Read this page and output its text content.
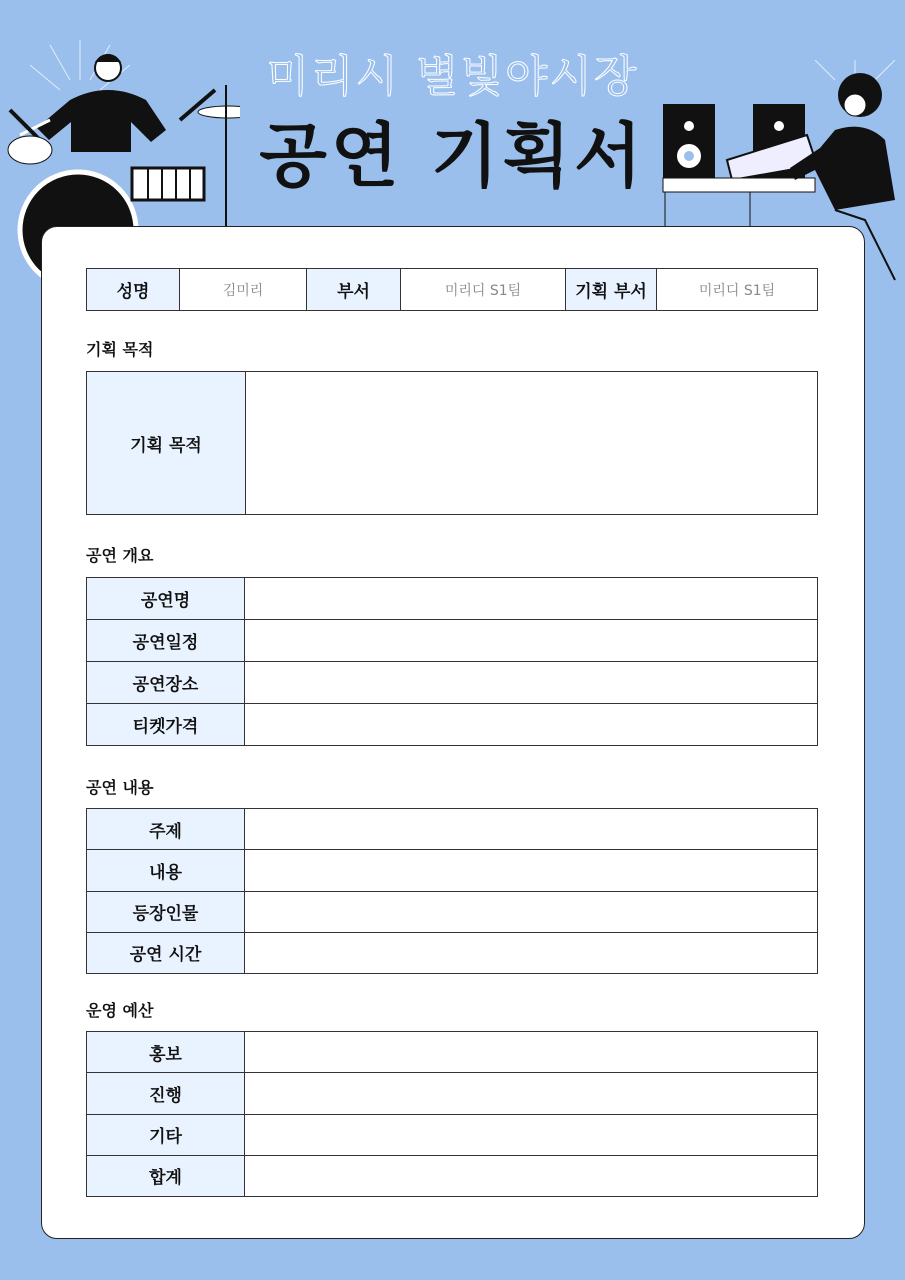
미리시 별빛야시장
공연 기획서
성명	김미리	부서	미리디 S1팀	기획 부서	미리디 S1팀
기획 목적
기획 목적	
공연 개요
공연명	
공연일정	
공연장소	
티켓가격	
공연 내용
주제	
내용	
등장인물	
공연 시간	
운영 예산
홍보	
진행	
기타	
합계	
